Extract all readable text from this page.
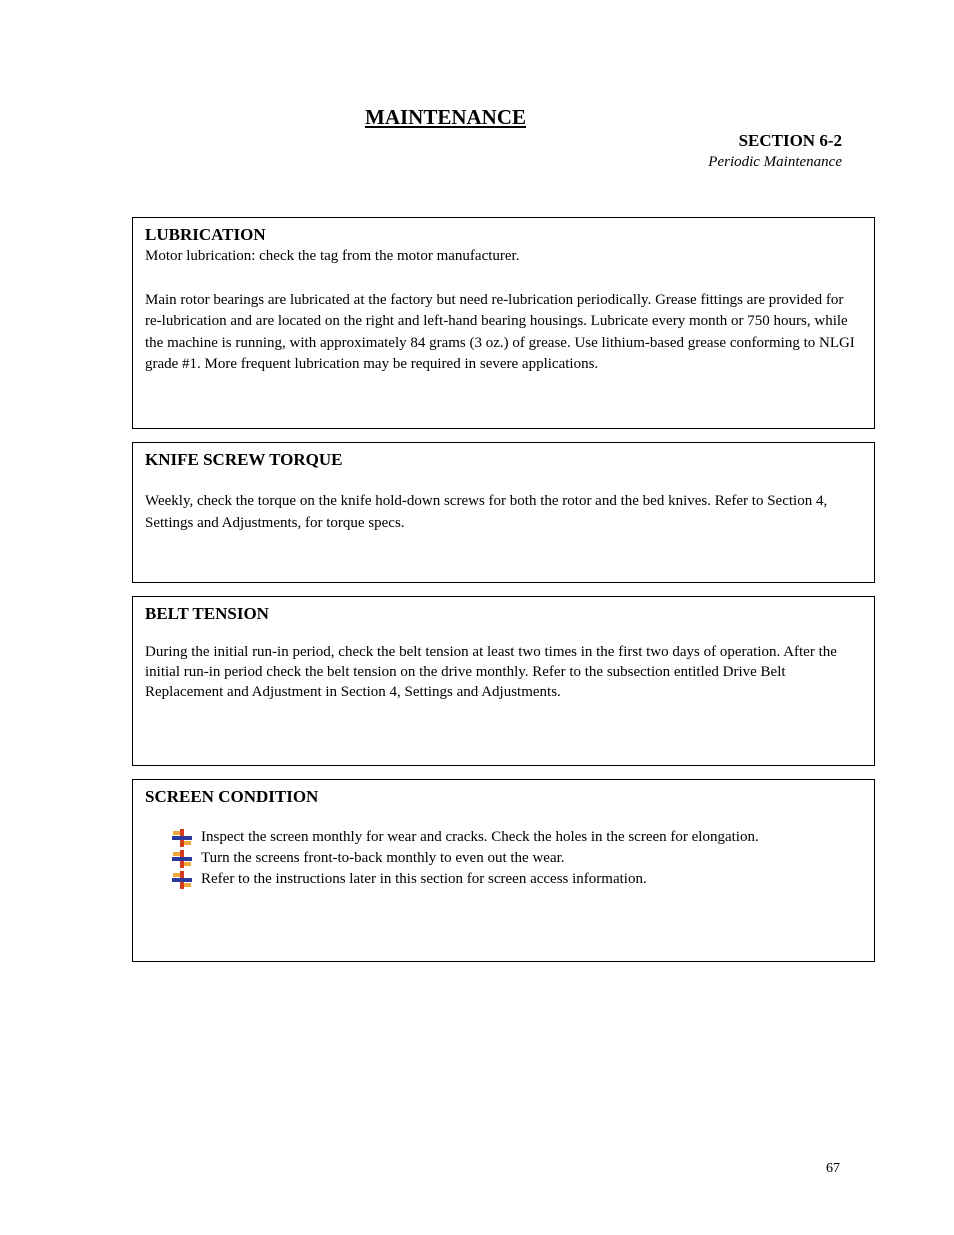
MAINTENANCE
SECTION 6-2
Periodic Maintenance
LUBRICATION

Motor lubrication: check the tag from the motor manufacturer.

Main rotor bearings are lubricated at the factory but need re-lubrication periodically. Grease fittings are provided for re-lubrication and are located on the right and left-hand bearing housings. Lubricate every month or 750 hours, while the machine is running, with approximately 84 grams (3 oz.) of grease. Use lithium-based grease conforming to NLGI grade #1. More frequent lubrication may be required in severe applications.

KNIFE SCREW TORQUE

Weekly, check the torque on the knife hold-down screws for both the rotor and the bed knives. Refer to Section 4, Settings and Adjustments, for torque specs.

BELT TENSION

During the initial run-in period, check the belt tension at least two times in the first two days of operation. After the initial run-in period check the belt tension on the drive monthly. Refer to the subsection entitled Drive Belt Replacement and Adjustment in Section 4, Settings and Adjustments.

SCREEN CONDITION
Inspect the screen monthly for wear and cracks. Check the holes in the screen for elongation.
Turn the screens front-to-back monthly to even out the wear.
Refer to the instructions later in this section for screen access information.
67
